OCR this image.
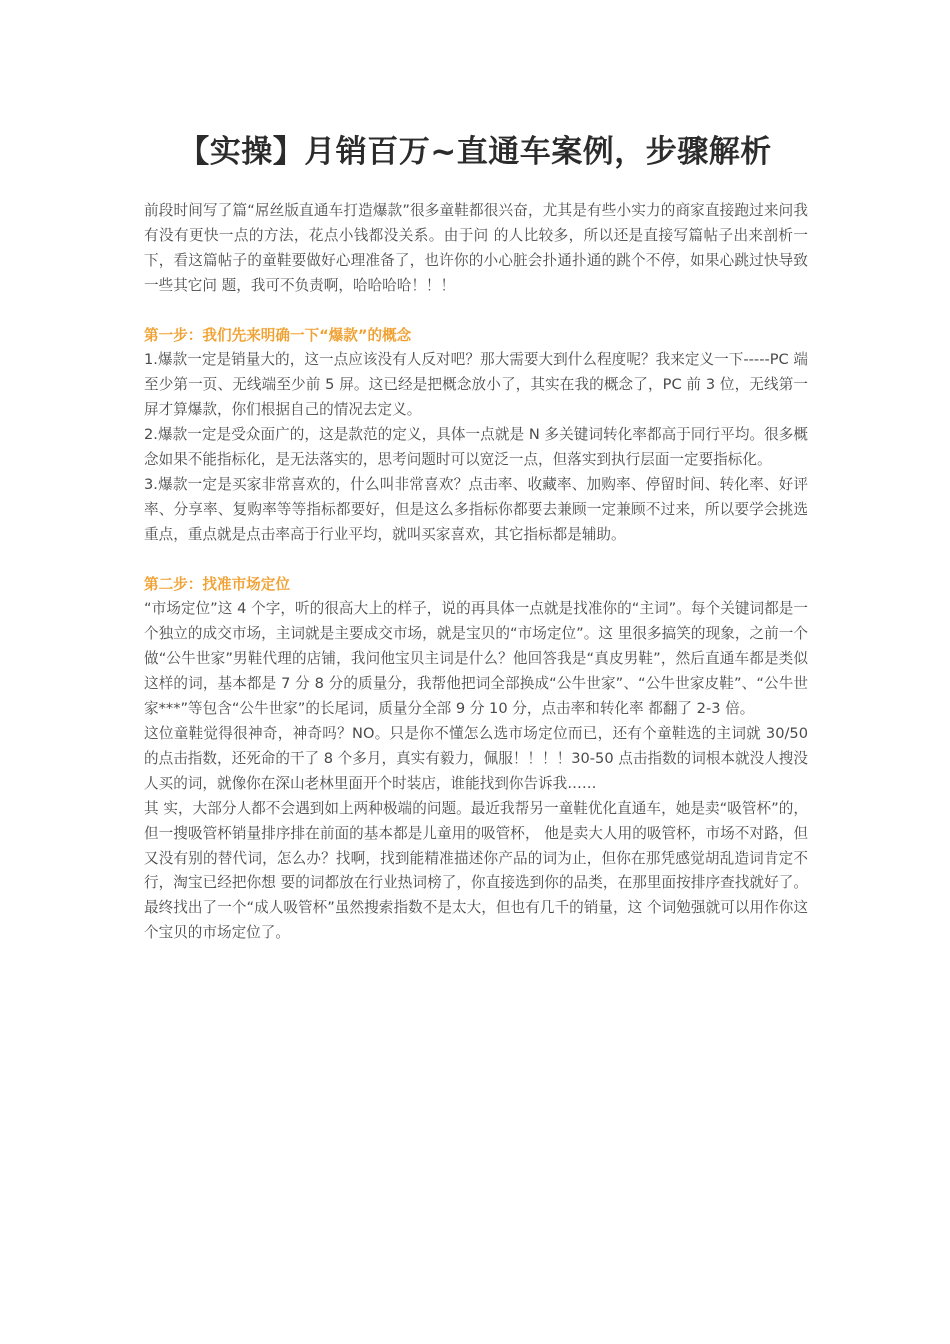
【实操】月销百万~直通车案例，步骤解析

前段时间写了篇“屌丝版直通车打造爆款”很多童鞋都很兴奋，尤其是有些小实力的商家直接跑过来问我有没有更快一点的方法，花点小钱都没关系。由于问 的人比较多，所以还是直接写篇帖子出来剖析一下，看这篇帖子的童鞋要做好心理准备了，也许你的小心脏会扑通扑通的跳个不停，如果心跳过快导致一些其它问 题，我可不负责啊，哈哈哈哈！！！

第一步：我们先来明确一下“爆款”的概念

1.爆款一定是销量大的，这一点应该没有人反对吧？那大需要大到什么程度呢？我来定义一下-----PC 端至少第一页、无线端至少前 5 屏。这已经是把概念放小了，其实在我的概念了，PC 前 3 位，无线第一屏才算爆款，你们根据自己的情况去定义。

2.爆款一定是受众面广的，这是款范的定义，具体一点就是 N 多关键词转化率都高于同行平均。很多概念如果不能指标化，是无法落实的，思考问题时可以宽泛一点，但落实到执行层面一定要指标化。

3.爆款一定是买家非常喜欢的，什么叫非常喜欢？点击率、收藏率、加购率、停留时间、转化率、好评率、分享率、复购率等等指标都要好，但是这么多指标你都要去兼顾一定兼顾不过来，所以要学会挑选重点，重点就是点击率高于行业平均，就叫买家喜欢，其它指标都是辅助。

第二步：找准市场定位

“市场定位”这 4 个字，听的很高大上的样子，说的再具体一点就是找准你的“主词”。每个关键词都是一个独立的成交市场，主词就是主要成交市场，就是宝贝的“市场定位”。这 里很多搞笑的现象，之前一个做“公牛世家”男鞋代理的店铺，我问他宝贝主词是什么？他回答我是“真皮男鞋”，然后直通车都是类似这样的词，基本都是 7 分 8 分的质量分，我帮他把词全部换成“公牛世家”、“公牛世家皮鞋”、“公牛世家***”等包含“公牛世家”的长尾词，质量分全部 9 分 10 分，点击率和转化率 都翻了 2-3 倍。

这位童鞋觉得很神奇，神奇吗？NO。只是你不懂怎么选市场定位而已，还有个童鞋选的主词就 30/50 的点击指数，还死命的干了 8 个多月，真实有毅力，佩服！！！！30-50 点击指数的词根本就没人搜没人买的词，就像你在深山老林里面开个时装店，谁能找到你告诉我……

其 实，大部分人都不会遇到如上两种极端的问题。最近我帮另一童鞋优化直通车，她是卖“吸管杯”的，但一搜吸管杯销量排序排在前面的基本都是儿童用的吸管杯， 他是卖大人用的吸管杯，市场不对路，但又没有别的替代词，怎么办？找啊，找到能精准描述你产品的词为止，但你在那凭感觉胡乱造词肯定不行，淘宝已经把你想 要的词都放在行业热词榜了，你直接选到你的品类，在那里面按排序查找就好了。最终找出了一个“成人吸管杯”虽然搜索指数不是太大，但也有几千的销量，这 个词勉强就可以用作你这个宝贝的市场定位了。
